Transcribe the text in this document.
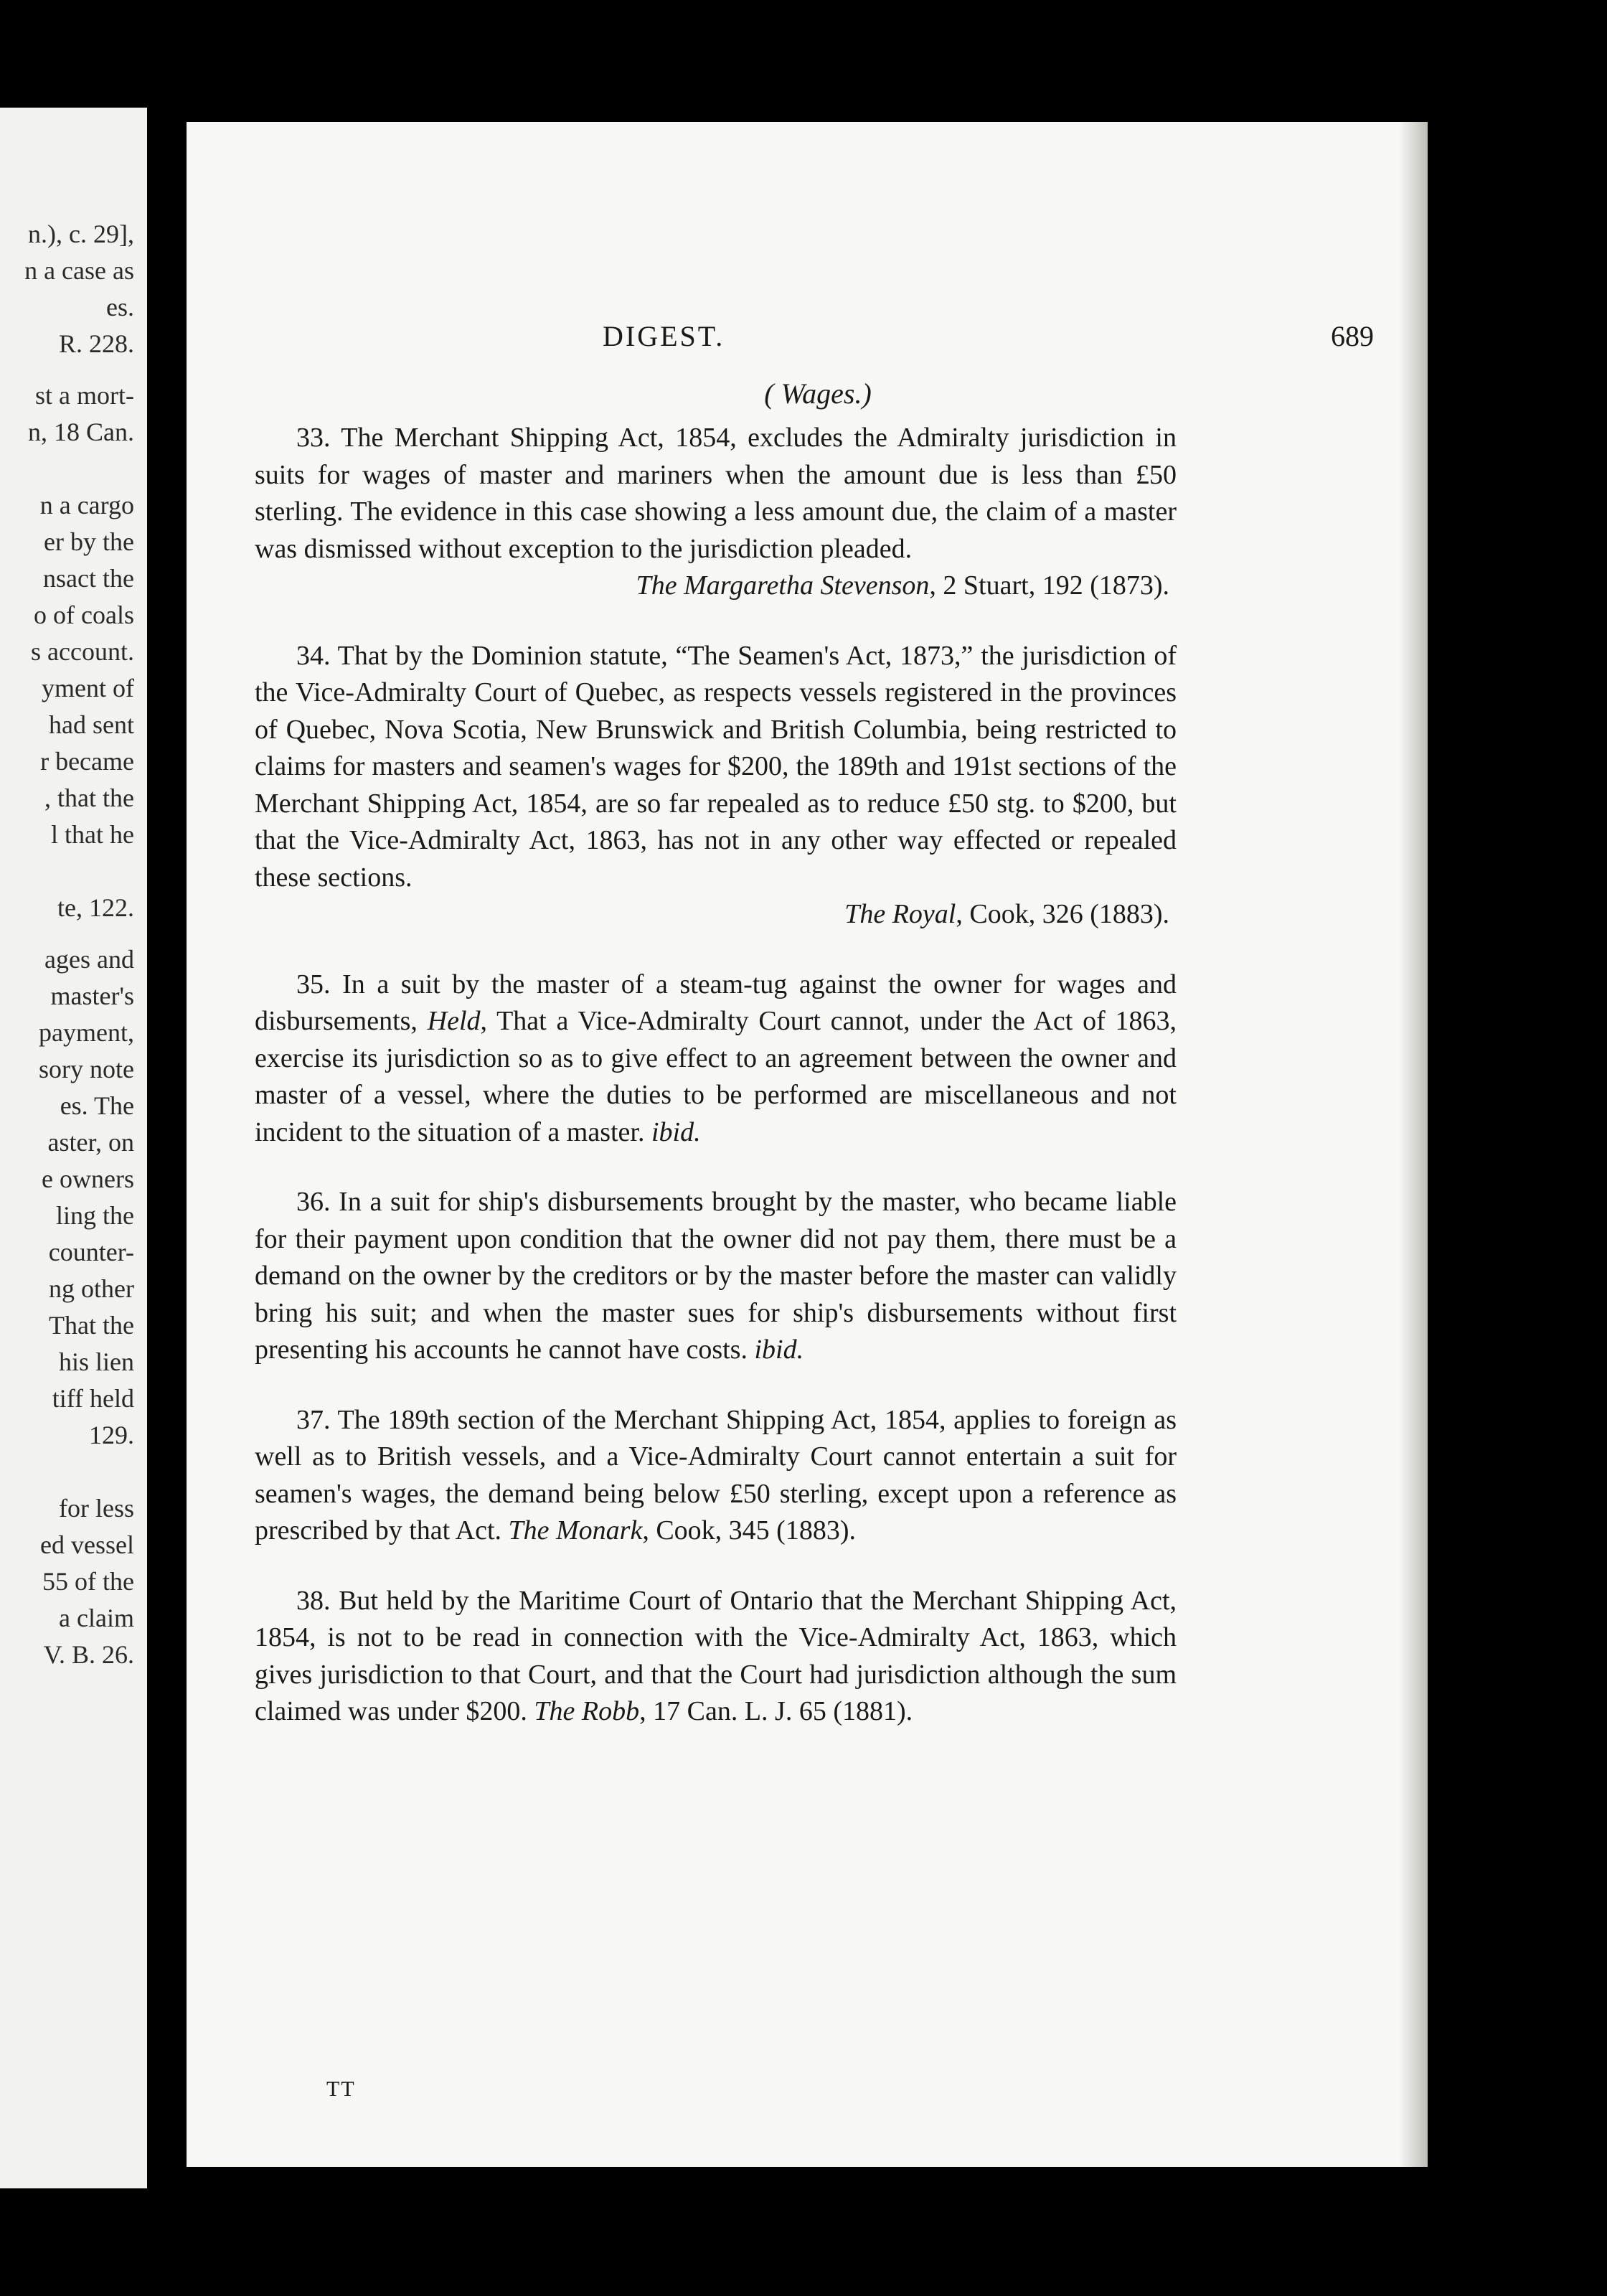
n.), c. 29],
n a case as
es.
R. 228.
st a mort-
n, 18 Can.
n a cargo
er by the
nsact the
o of coals
s account.
yment of
had sent
r became
, that the
l that he
te, 122.
ages and
master's
payment,
sory note
es. The
aster, on
e owners
ling the
counter-
ng other
That the
his lien
tiff held
129.
for less
ed vessel
55 of the
a claim
V. B. 26.
DIGEST.	689
( Wages.)

33. The Merchant Shipping Act, 1854, excludes the Admiralty jurisdiction in suits for wages of master and mariners when the amount due is less than £50 sterling. The evidence in this case showing a less amount due, the claim of a master was dismissed without exception to the jurisdiction pleaded.

The Margaretha Stevenson, 2 Stuart, 192 (1873).

34. That by the Dominion statute, “The Seamen's Act, 1873,” the jurisdiction of the Vice-Admiralty Court of Quebec, as respects vessels registered in the provinces of Quebec, Nova Scotia, New Brunswick and British Columbia, being restricted to claims for masters and seamen's wages for $200, the 189th and 191st sections of the Merchant Shipping Act, 1854, are so far repealed as to reduce £50 stg. to $200, but that the Vice-Admiralty Act, 1863, has not in any other way effected or repealed these sections.

The Royal, Cook, 326 (1883).

35. In a suit by the master of a steam-tug against the owner for wages and disbursements, Held, That a Vice-Admiralty Court cannot, under the Act of 1863, exercise its jurisdiction so as to give effect to an agreement between the owner and master of a vessel, where the duties to be performed are miscellaneous and not incident to the situation of a master. ibid.

36. In a suit for ship's disbursements brought by the master, who became liable for their payment upon condition that the owner did not pay them, there must be a demand on the owner by the creditors or by the master before the master can validly bring his suit; and when the master sues for ship's disbursements without first presenting his accounts he cannot have costs. ibid.

37. The 189th section of the Merchant Shipping Act, 1854, applies to foreign as well as to British vessels, and a Vice-Admiralty Court cannot entertain a suit for seamen's wages, the demand being below £50 sterling, except upon a reference as prescribed by that Act. The Monark, Cook, 345 (1883).

38. But held by the Maritime Court of Ontario that the Merchant Shipping Act, 1854, is not to be read in connection with the Vice-Admiralty Act, 1863, which gives jurisdiction to that Court, and that the Court had jurisdiction although the sum claimed was under $200. The Robb, 17 Can. L. J. 65 (1881).

TT
